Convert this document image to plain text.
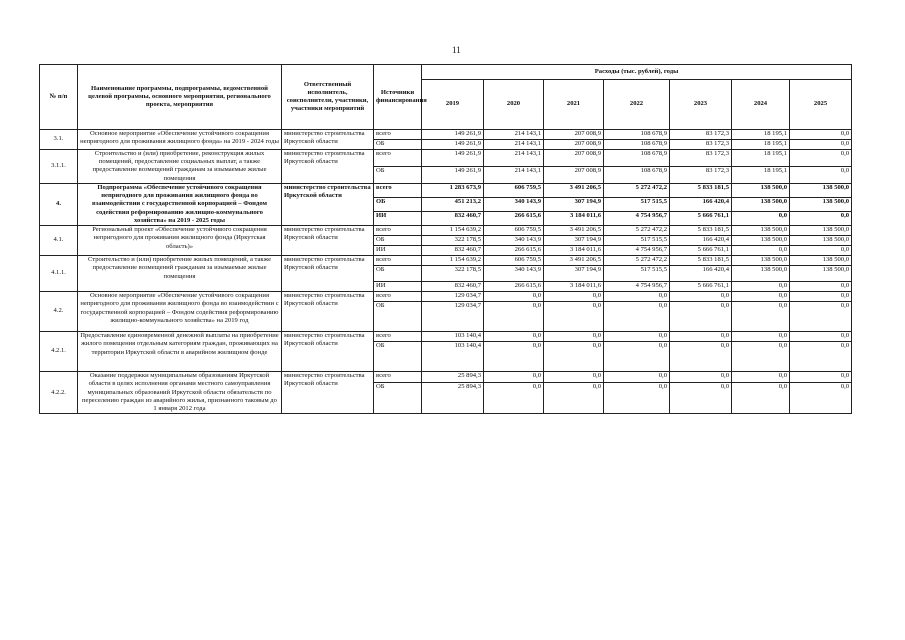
11
№ п/п	Наименование программы, подпрограммы, ведомственной целевой программы, основного мероприятия, регионального проекта, мероприятия	Ответственный исполнитель, соисполнители, участники, участники мероприятий	Источники финансирования	Расходы (тыс. рублей), годы						
				2019	2020	2021	2022	2023	2024	2025
3.1.	Основное мероприятие «Обеспечение устойчивого сокращения непригодного для проживания жилищного фонда» на 2019 - 2024 годы	министерство строительства Иркутской области	всего	149 261,9	214 143,1	207 008,9	108 678,9	83 172,3	18 195,1	0,0
			ОБ	149 261,9	214 143,1	207 008,9	108 678,9	83 172,3	18 195,1	0,0
3.1.1.	Строительство и (или) приобретение, реконструкция жилых помещений, предоставление социальных выплат, а также предоставление возмещений гражданам за изымаемые жилые помещения	министерство строительства Иркутской области	всего	149 261,9	214 143,1	207 008,9	108 678,9	83 172,3	18 195,1	0,0
			ОБ	149 261,9	214 143,1	207 008,9	108 678,9	83 172,3	18 195,1	0,0
4.	Подпрограмма «Обеспечение устойчивого сокращения непригодного для проживания жилищного фонда во взаимодействии с государственной корпорацией – Фондом содействия реформированию жилищно-коммунального хозяйства» на 2019 - 2025 годы	министерство строительства Иркутской области	всего	1 283 673,9	606 759,5	3 491 206,5	5 272 472,2	5 833 181,5	138 500,0	138 500,0
			ОБ	451 213,2	340 143,9	307 194,9	517 515,5	166 420,4	138 500,0	138 500,0
			ИИ	832 460,7	266 615,6	3 184 011,6	4 754 956,7	5 666 761,1	0,0	0,0
4.1.	Региональный проект «Обеспечение устойчивого сокращения непригодного для проживания жилищного фонда (Иркутская область)»	министерство строительства Иркутской области	всего	1 154 639,2	606 759,5	3 491 206,5	5 272 472,2	5 833 181,5	138 500,0	138 500,0
			ОБ	322 178,5	340 143,9	307 194,9	517 515,5	166 420,4	138 500,0	138 500,0
			ИИ	832 460,7	266 615,6	3 184 011,6	4 754 956,7	5 666 761,1	0,0	0,0
4.1.1.	Строительство и (или) приобретение жилых помещений, а также предоставление возмещений гражданам за изымаемые жилые помещения	министерство строительства Иркутской области	всего	1 154 639,2	606 759,5	3 491 206,5	5 272 472,2	5 833 181,5	138 500,0	138 500,0
			ОБ	322 178,5	340 143,9	307 194,9	517 515,5	166 420,4	138 500,0	138 500,0
			ИИ	832 460,7	266 615,6	3 184 011,6	4 754 956,7	5 666 761,1	0,0	0,0
4.2.	Основное мероприятие «Обеспечение устойчивого сокращения непригодного для проживания жилищного фонда во взаимодействии с государственной корпорацией – Фондом содействия реформированию жилищно-коммунального хозяйства» на 2019 год	министерство строительства Иркутской области	всего	129 034,7	0,0	0,0	0,0	0,0	0,0	0,0
			ОБ	129 034,7	0,0	0,0	0,0	0,0	0,0	0,0
4.2.1.	Предоставление единовременной денежной выплаты на приобретение жилого помещения отдельным категориям граждан, проживающих на территории Иркутской области в аварийном жилищном фонде	министерство строительства Иркутской области	всего	103 140,4	0,0	0,0	0,0	0,0	0,0	0,0
			ОБ	103 140,4	0,0	0,0	0,0	0,0	0,0	0,0
4.2.2.	Оказание поддержки муниципальным образованиям Иркутской области в целях исполнения органами местного самоуправления муниципальных образований Иркутской области обязательств по переселению граждан из аварийного жилья, признанного таковым до 1 января 2012 года	министерство строительства Иркутской области	всего	25 894,3	0,0	0,0	0,0	0,0	0,0	0,0
			ОБ	25 894,3	0,0	0,0	0,0	0,0	0,0	0,0
